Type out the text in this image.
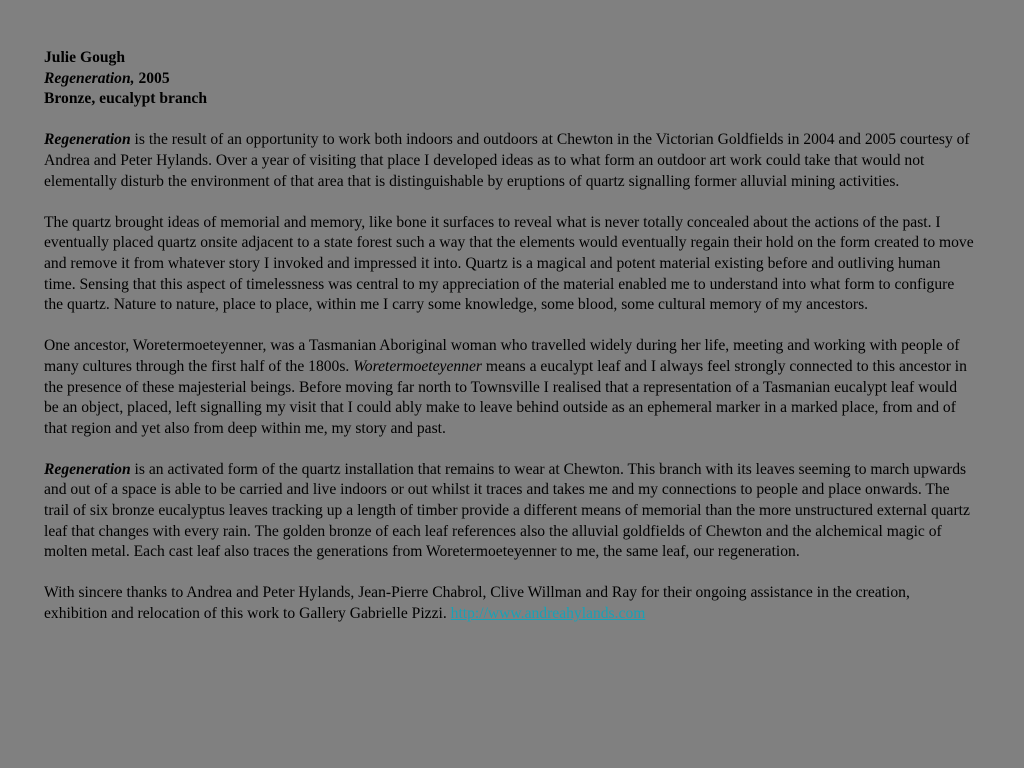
Julie Gough
Regeneration, 2005
Bronze, eucalypt branch

Regeneration is the result of an opportunity to work both indoors and outdoors at Chewton in the Victorian Goldfields in 2004 and 2005 courtesy of Andrea and Peter Hylands. Over a year of visiting that place I developed ideas as to what form an outdoor art work could take that would not elementally disturb the environment of that area that is distinguishable by eruptions of quartz signalling former alluvial mining activities.

The quartz brought ideas of memorial and memory, like bone it surfaces to reveal what is never totally concealed about the actions of the past. I eventually placed quartz onsite adjacent to a state forest such a way that the elements would eventually regain their hold on the form created to move and remove it from whatever story I invoked and impressed it into. Quartz is a magical and potent material existing before and outliving human time. Sensing that this aspect of timelessness was central to my appreciation of the material enabled me to understand into what form to configure the quartz. Nature to nature, place to place, within me I carry some knowledge, some blood, some cultural memory of my ancestors.

One ancestor, Woretermoeteyenner, was a Tasmanian Aboriginal woman who travelled widely during her life, meeting and working with people of many cultures through the first half of the 1800s. Woretermoeteyenner means a eucalypt leaf and I always feel strongly connected to this ancestor in the presence of these majesterial beings. Before moving far north to Townsville I realised that a representation of a Tasmanian eucalypt leaf would be an object, placed, left signalling my visit that I could ably make to leave behind outside as an ephemeral marker in a marked place, from and of that region and yet also from deep within me, my story and past.

Regeneration is an activated form of the quartz installation that remains to wear at Chewton. This branch with its leaves seeming to march upwards and out of a space is able to be carried and live indoors or out whilst it traces and takes me and my connections to people and place onwards. The trail of six bronze eucalyptus leaves tracking up a length of timber provide a different means of memorial than the more unstructured external quartz leaf that changes with every rain. The golden bronze of each leaf references also the alluvial goldfields of Chewton and the alchemical magic of molten metal. Each cast leaf also traces the generations from Woretermoeteyenner to me, the same leaf, our regeneration.

With sincere thanks to Andrea and Peter Hylands, Jean-Pierre Chabrol, Clive Willman and Ray for their ongoing assistance in the creation, exhibition and relocation of this work to Gallery Gabrielle Pizzi. http://www.andreahylands.com
